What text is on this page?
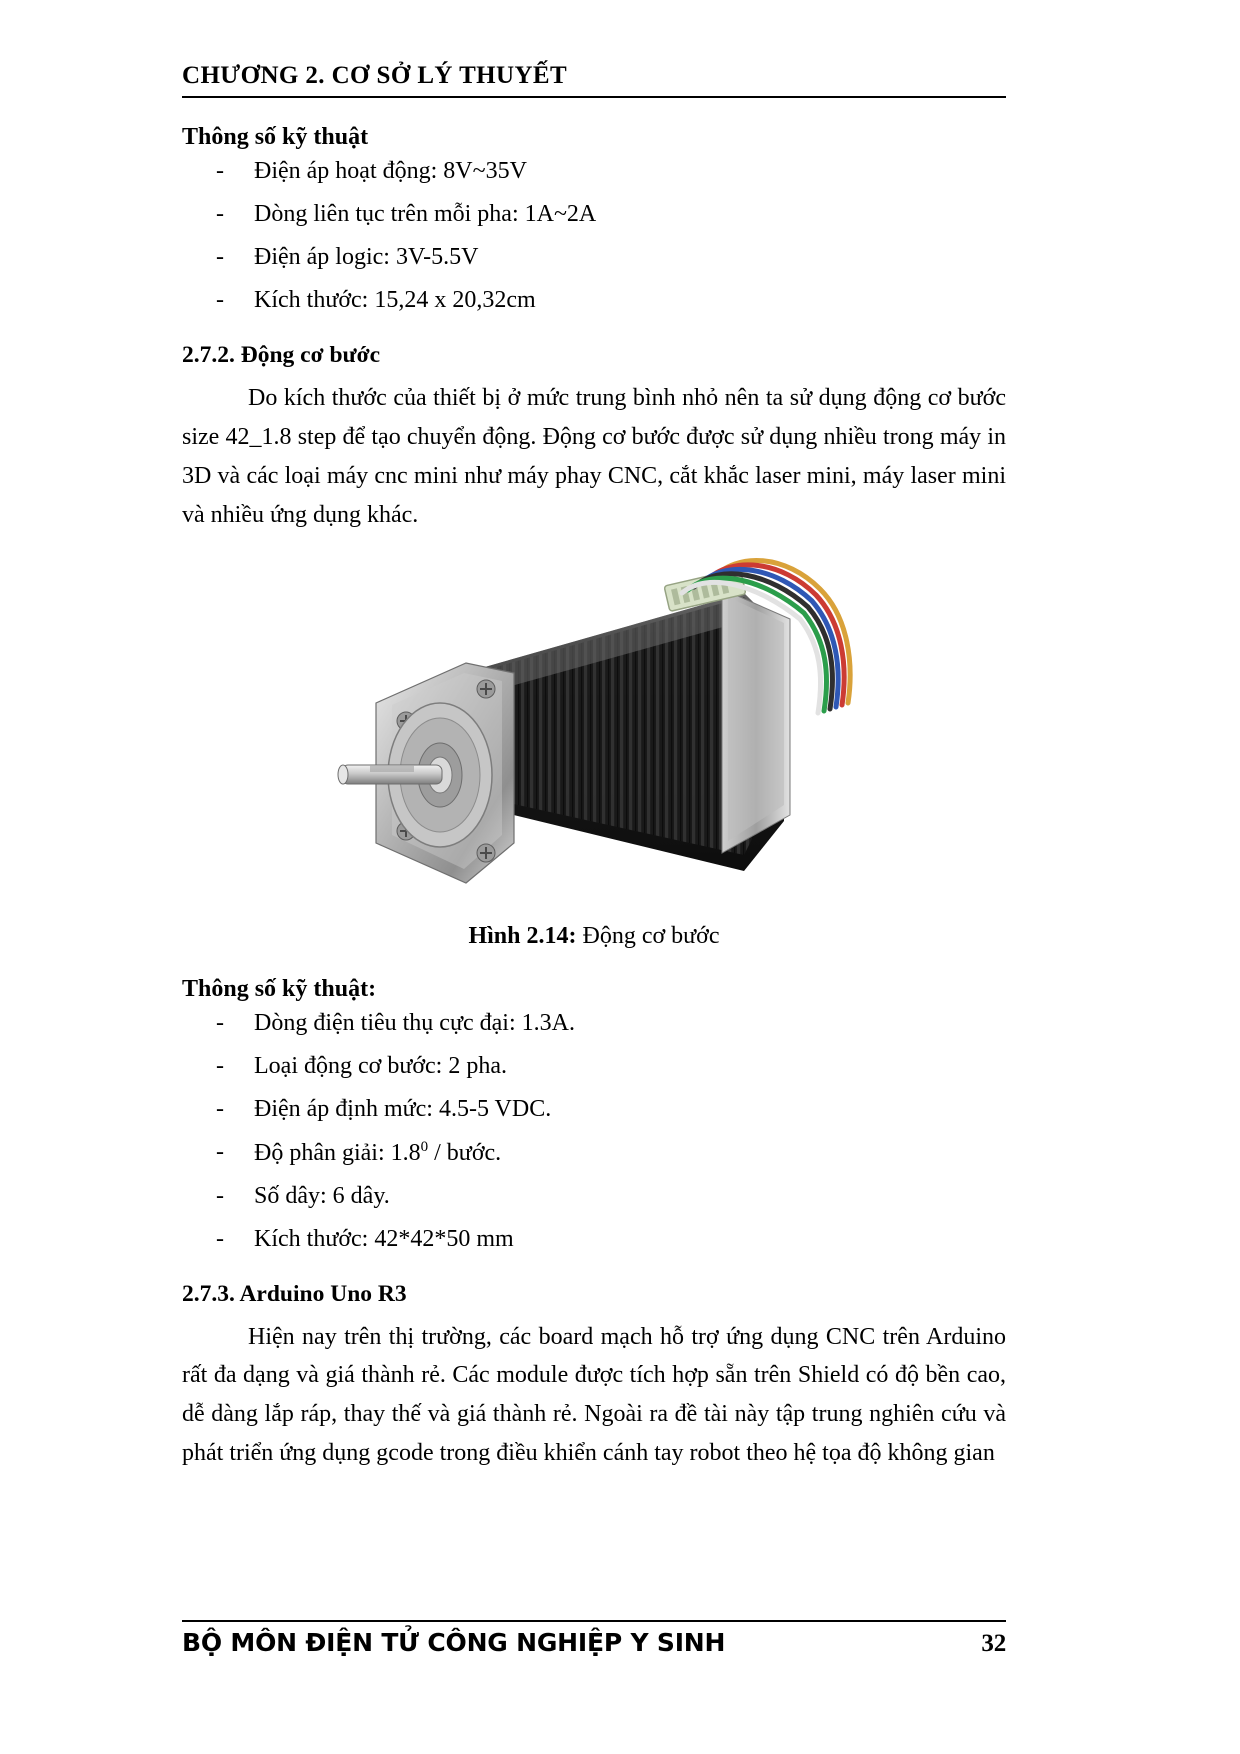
CHƯƠNG 2. CƠ SỞ LÝ THUYẾT
Thông số kỹ thuật
- Điện áp hoạt động: 8V~35V
- Dòng liên tục trên mỗi pha: 1A~2A
- Điện áp logic: 3V-5.5V
- Kích thước: 15,24 x 20,32cm
2.7.2. Động cơ bước

Do kích thước của thiết bị ở mức trung bình nhỏ nên ta sử dụng động cơ bước size 42_1.8 step để tạo chuyển động. Động cơ bước được sử dụng nhiều trong máy in 3D và các loại máy cnc mini như máy phay CNC, cắt khắc laser mini, máy laser mini và nhiều ứng dụng khác.

Hình 2.14: Động cơ bước
Thông số kỹ thuật:
- Dòng điện tiêu thụ cực đại: 1.3A.
- Loại động cơ bước: 2 pha.
- Điện áp định mức: 4.5-5 VDC.
- Độ phân giải: $1.8^0$ / bước.
- Số dây: 6 dây.
- Kích thước: 42*42*50 mm
2.7.3. Arduino Uno R3

Hiện nay trên thị trường, các board mạch hỗ trợ ứng dụng CNC trên Arduino rất đa dạng và giá thành rẻ. Các module được tích hợp sẵn trên Shield có độ bền cao, dễ dàng lắp ráp, thay thế và giá thành rẻ. Ngoài ra đề tài này tập trung nghiên cứu và phát triển ứng dụng gcode trong điều khiển cánh tay robot theo hệ tọa độ không gian

BỘ MÔN ĐIỆN TỬ CÔNG NGHIỆP Y SINH	32
